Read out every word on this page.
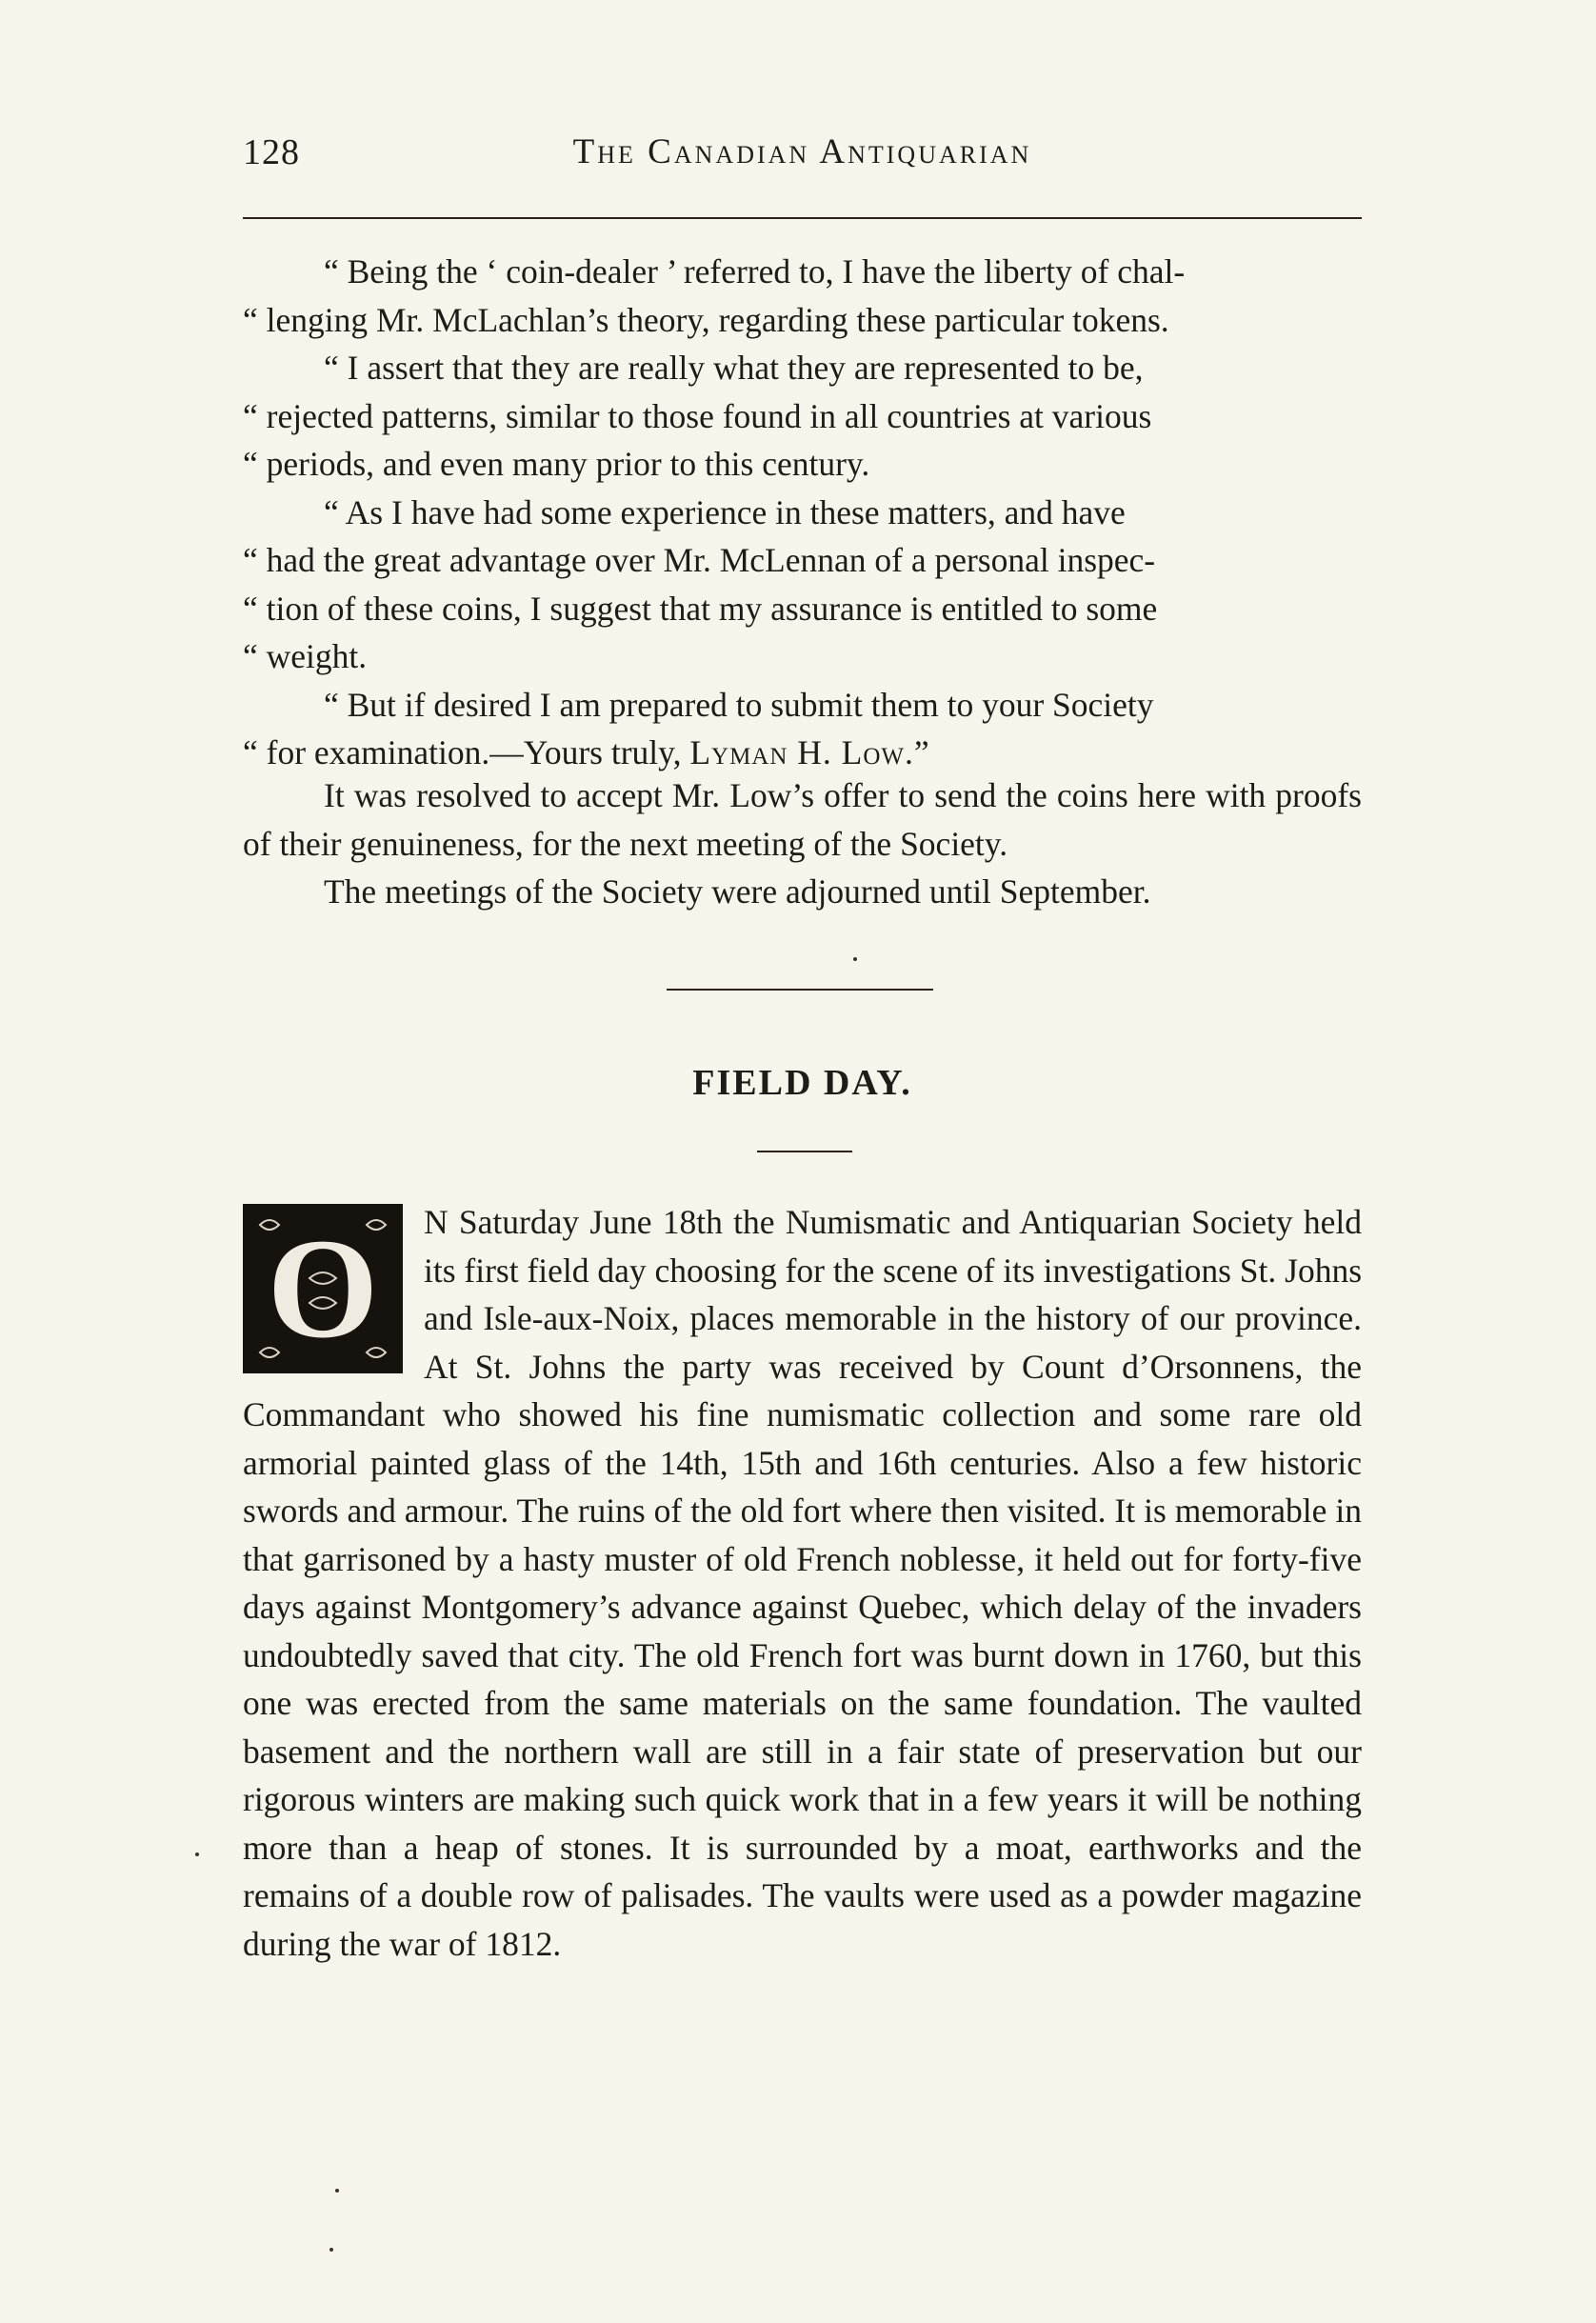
128	The Canadian Antiquarian

“ Being the ‘ coin-dealer ’ referred to, I have the liberty of chal-

“ lenging Mr. McLachlan’s theory, regarding these particular tokens.

“ I assert that they are really what they are represented to be,

“ rejected patterns, similar to those found in all countries at various

“ periods, and even many prior to this century.

“ As I have had some experience in these matters, and have

“ had the great advantage over Mr. McLennan of a personal inspec-

“ tion of these coins, I suggest that my assurance is entitled to some

“ weight.

“ But if desired I am prepared to submit them to your Society

“ for examination.—Yours truly, Lyman H. Low.”

It was resolved to accept Mr. Low’s offer to send the coins here with proofs of their genuineness, for the next meeting of the Society.

The meetings of the Society were adjourned until September.

FIELD DAY.
O	N Saturday June 18th the Numismatic and Antiquarian Society held its first field day choosing for the scene of its investigations St. Johns and Isle-aux-Noix, places memorable in the history of our province. At St. Johns the party was received by Count d’Orsonnens, the Commandant who showed his fine numismatic collection and some rare old armorial painted glass of the 14th, 15th and 16th centuries. Also a few historic swords and armour. The ruins of the old fort where then visited. It is memorable in that garrisoned by a hasty muster of old French noblesse, it held out for forty-five days against Montgomery’s advance against Quebec, which delay of the invaders undoubtedly saved that city. The old French fort was burnt down in 1760, but this one was erected from the same materials on the same foundation. The vaulted basement and the northern wall are still in a fair state of preservation but our rigorous winters are making such quick work that in a few years it will be nothing more than a heap of stones. It is surrounded by a moat, earthworks and the remains of a double row of palisades. The vaults were used as a powder magazine during the war of 1812.
